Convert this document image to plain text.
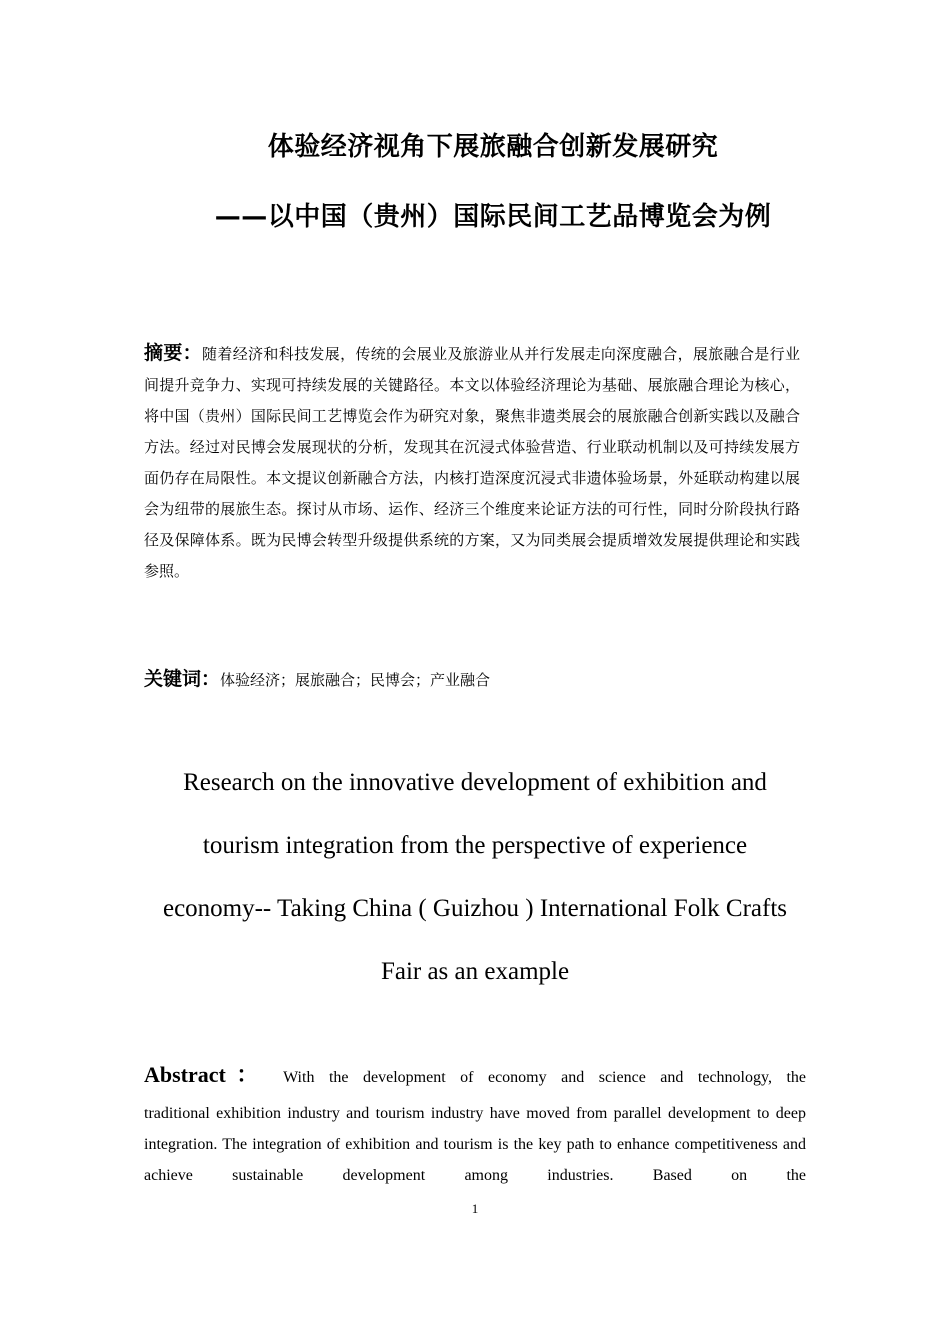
体验经济视角下展旅融合创新发展研究
——以中国（贵州）国际民间工艺品博览会为例
摘要：随着经济和科技发展，传统的会展业及旅游业从并行发展走向深度融合，展旅融合是行业间提升竞争力、实现可持续发展的关键路径。本文以体验经济理论为基础、展旅融合理论为核心，将中国（贵州）国际民间工艺博览会作为研究对象，聚焦非遗类展会的展旅融合创新实践以及融合方法。经过对民博会发展现状的分析，发现其在沉浸式体验营造、行业联动机制以及可持续发展方面仍存在局限性。本文提议创新融合方法，内核打造深度沉浸式非遗体验场景，外延联动构建以展会为纽带的展旅生态。探讨从市场、运作、经济三个维度来论证方法的可行性，同时分阶段执行路径及保障体系。既为民博会转型升级提供系统的方案，又为同类展会提质增效发展提供理论和实践参照。
关键词：体验经济；展旅融合；民博会；产业融合
Research on the innovative development of exhibition and
tourism integration from the perspective of experience
economy-- Taking China ( Guizhou ) International Folk Crafts
Fair as an example
Abstract： With the development of economy and science and technology, the
traditional exhibition industry and tourism industry have moved from parallel development to deep integration. The integration of exhibition and tourism is the key path to enhance competitiveness and achieve sustainable development among industries. Based on the
1
